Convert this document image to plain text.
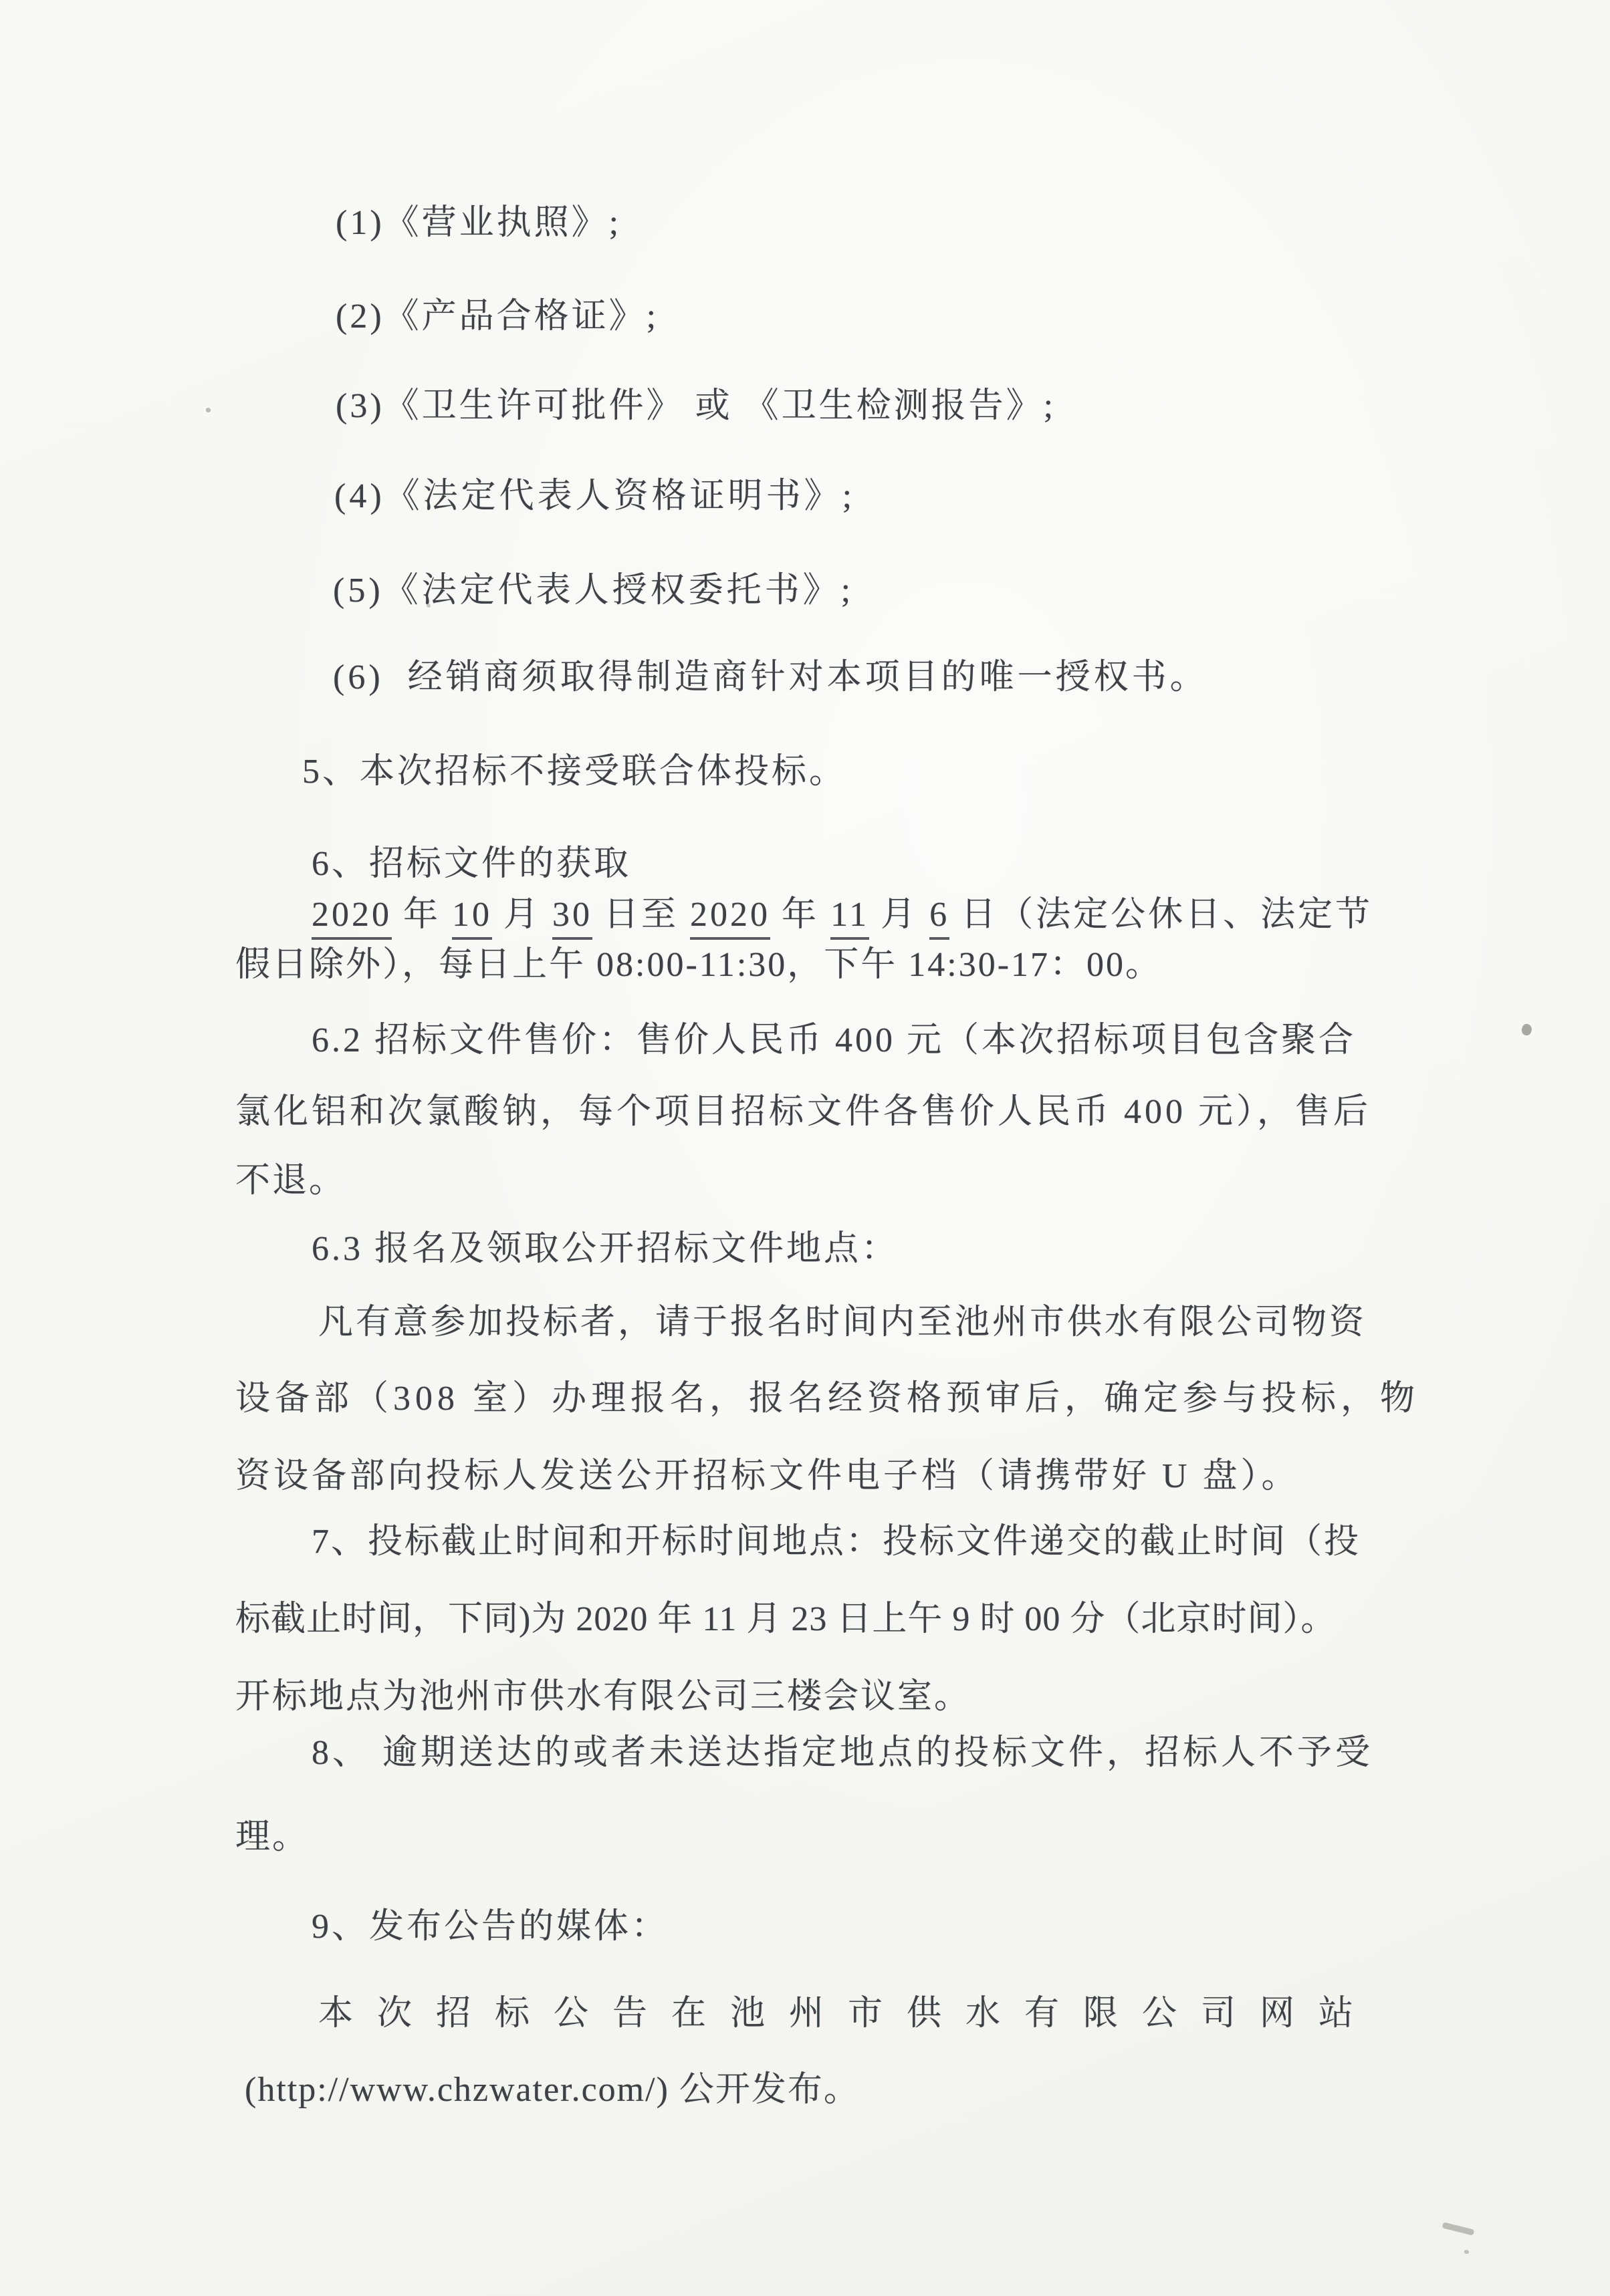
(1)《营业执照》;
(2)《产品合格证》;
(3)《卫生许可批件》 或 《卫生检测报告》;
(4)《法定代表人资格证明书》;
(5)《法定代表人授权委托书》;
(6)  经销商须取得制造商针对本项目的唯一授权书。
5、本次招标不接受联合体投标。
6、招标文件的获取
2020 年 10 月 30 日至 2020 年 11 月 6 日（法定公休日、法定节
假日除外），每日上午 08:00-11:30，下午 14:30-17：00。
6.2 招标文件售价：售价人民币 400 元（本次招标项目包含聚合
氯化铝和次氯酸钠，每个项目招标文件各售价人民币 400 元），售后
不退。
6.3 报名及领取公开招标文件地点：
凡有意参加投标者，请于报名时间内至池州市供水有限公司物资
设备部（308 室）办理报名，报名经资格预审后，确定参与投标，物
资设备部向投标人发送公开招标文件电子档（请携带好 U 盘）。
7、投标截止时间和开标时间地点：投标文件递交的截止时间（投
标截止时间，下同)为 2020 年 11 月 23 日上午 9 时 00 分（北京时间）。
开标地点为池州市供水有限公司三楼会议室。
8、 逾期送达的或者未送达指定地点的投标文件，招标人不予受
理。
9、发布公告的媒体：
本次招标公告在池州市供水有限公司网站
(http://www.chzwater.com/) 公开发布。
